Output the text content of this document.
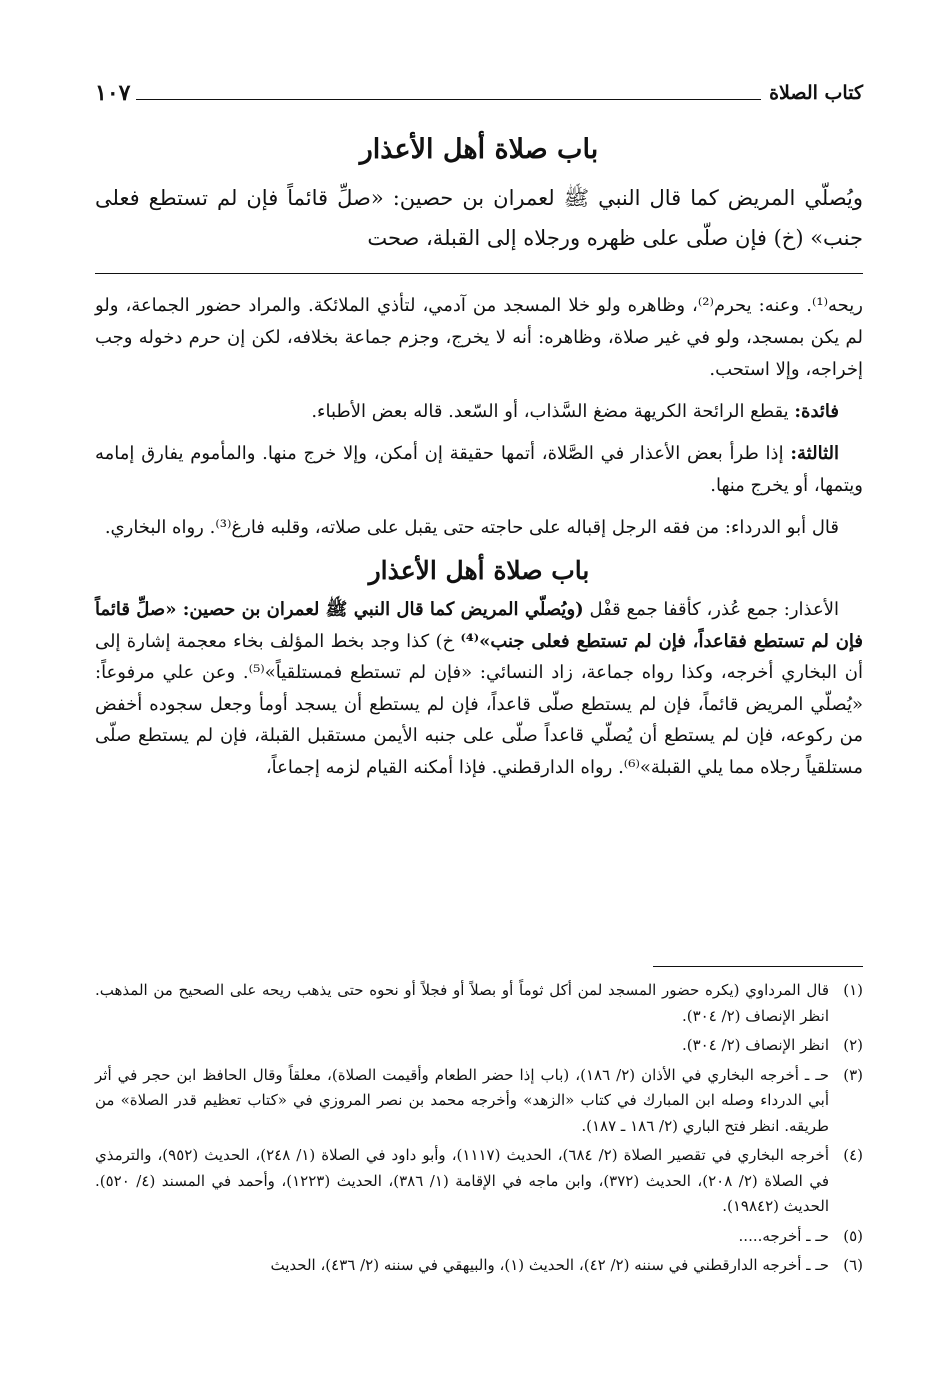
كتاب الصلاة
١٠٧
باب صلاة أهل الأعذار

ويُصلّي المريض كما قال النبي ﷺ لعمران بن حصين: «صلِّ قائماً فإن لم تستطع فعلى جنب» (خ) فإن صلّى على ظهره ورجلاه إلى القبلة، صحت

ريحه⁽¹⁾. وعنه: يحرم⁽²⁾، وظاهره ولو خلا المسجد من آدمي، لتأذي الملائكة. والمراد حضور الجماعة، ولو لم يكن بمسجد، ولو في غير صلاة، وظاهره: أنه لا يخرج، وجزم جماعة بخلافه، لكن إن حرم دخوله وجب إخراجه، وإلا استحب.

فائدة: يقطع الرائحة الكريهة مضغ السَّذاب، أو السّعد. قاله بعض الأطباء.

الثالثة: إذا طرأ بعض الأعذار في الصَّلاة، أتمها حقيقة إن أمكن، وإلا خرج منها. والمأموم يفارق إمامه ويتمها، أو يخرج منها.

قال أبو الدرداء: من فقه الرجل إقباله على حاجته حتى يقبل على صلاته، وقلبه فارغ⁽³⁾. رواه البخاري.

باب صلاة أهل الأعذار

الأعذار: جمع عُذر، كأقفا جمع قفْل (ويُصلّي المريض كما قال النبي ﷺ لعمران بن حصين: «صلِّ قائماً فإن لم تستطع فقاعداً، فإن لم تستطع فعلى جنب»⁽⁴⁾ خ) كذا وجد بخط المؤلف بخاء معجمة إشارة إلى أن البخاري أخرجه، وكذا رواه جماعة، زاد النسائي: «فإن لم تستطع فمستلقياً»⁽⁵⁾. وعن علي مرفوعاً: «يُصلّي المريض قائماً، فإن لم يستطع صلّى قاعداً، فإن لم يستطع أن يسجد أومأ وجعل سجوده أخفض من ركوعه، فإن لم يستطع أن يُصلّي قاعداً صلّى على جنبه الأيمن مستقبل القبلة، فإن لم يستطع صلّى مستلقياً رجلاه مما يلي القبلة»⁽⁶⁾. رواه الدارقطني. فإذا أمكنه القيام لزمه إجماعاً،

(١)
قال المرداوي (يكره حضور المسجد لمن أكل ثوماً أو بصلاً أو فجلاً أو نحوه حتى يذهب ريحه على الصحيح من المذهب. انظر الإنصاف (٢/ ٣٠٤).
(٢)
انظر الإنصاف (٢/ ٣٠٤).
(٣)
حـ ـ أخرجه البخاري في الأذان (٢/ ١٨٦)، (باب إذا حضر الطعام وأقيمت الصلاة)، معلقاً وقال الحافظ ابن حجر في أثر أبي الدرداء وصله ابن المبارك في كتاب «الزهد» وأخرجه محمد بن نصر المروزي في «كتاب تعظيم قدر الصلاة» من طريقه. انظر فتح الباري (٢/ ١٨٦ ـ ١٨٧).
(٤)
أخرجه البخاري في تقصير الصلاة (٢/ ٦٨٤)، الحديث (١١١٧)، وأبو داود في الصلاة (١/ ٢٤٨)، الحديث (٩٥٢)، والترمذي في الصلاة (٢/ ٢٠٨)، الحديث (٣٧٢)، وابن ماجه في الإقامة (١/ ٣٨٦)، الحديث (١٢٢٣)، وأحمد في المسند (٤/ ٥٢٠). الحديث (١٩٨٤٢).
(٥)
حـ ـ أخرجه.....
(٦)
حـ ـ أخرجه الدارقطني في سننه (٢/ ٤٢)، الحديث (١)، والبيهقي في سننه (٢/ ٤٣٦)، الحديث
